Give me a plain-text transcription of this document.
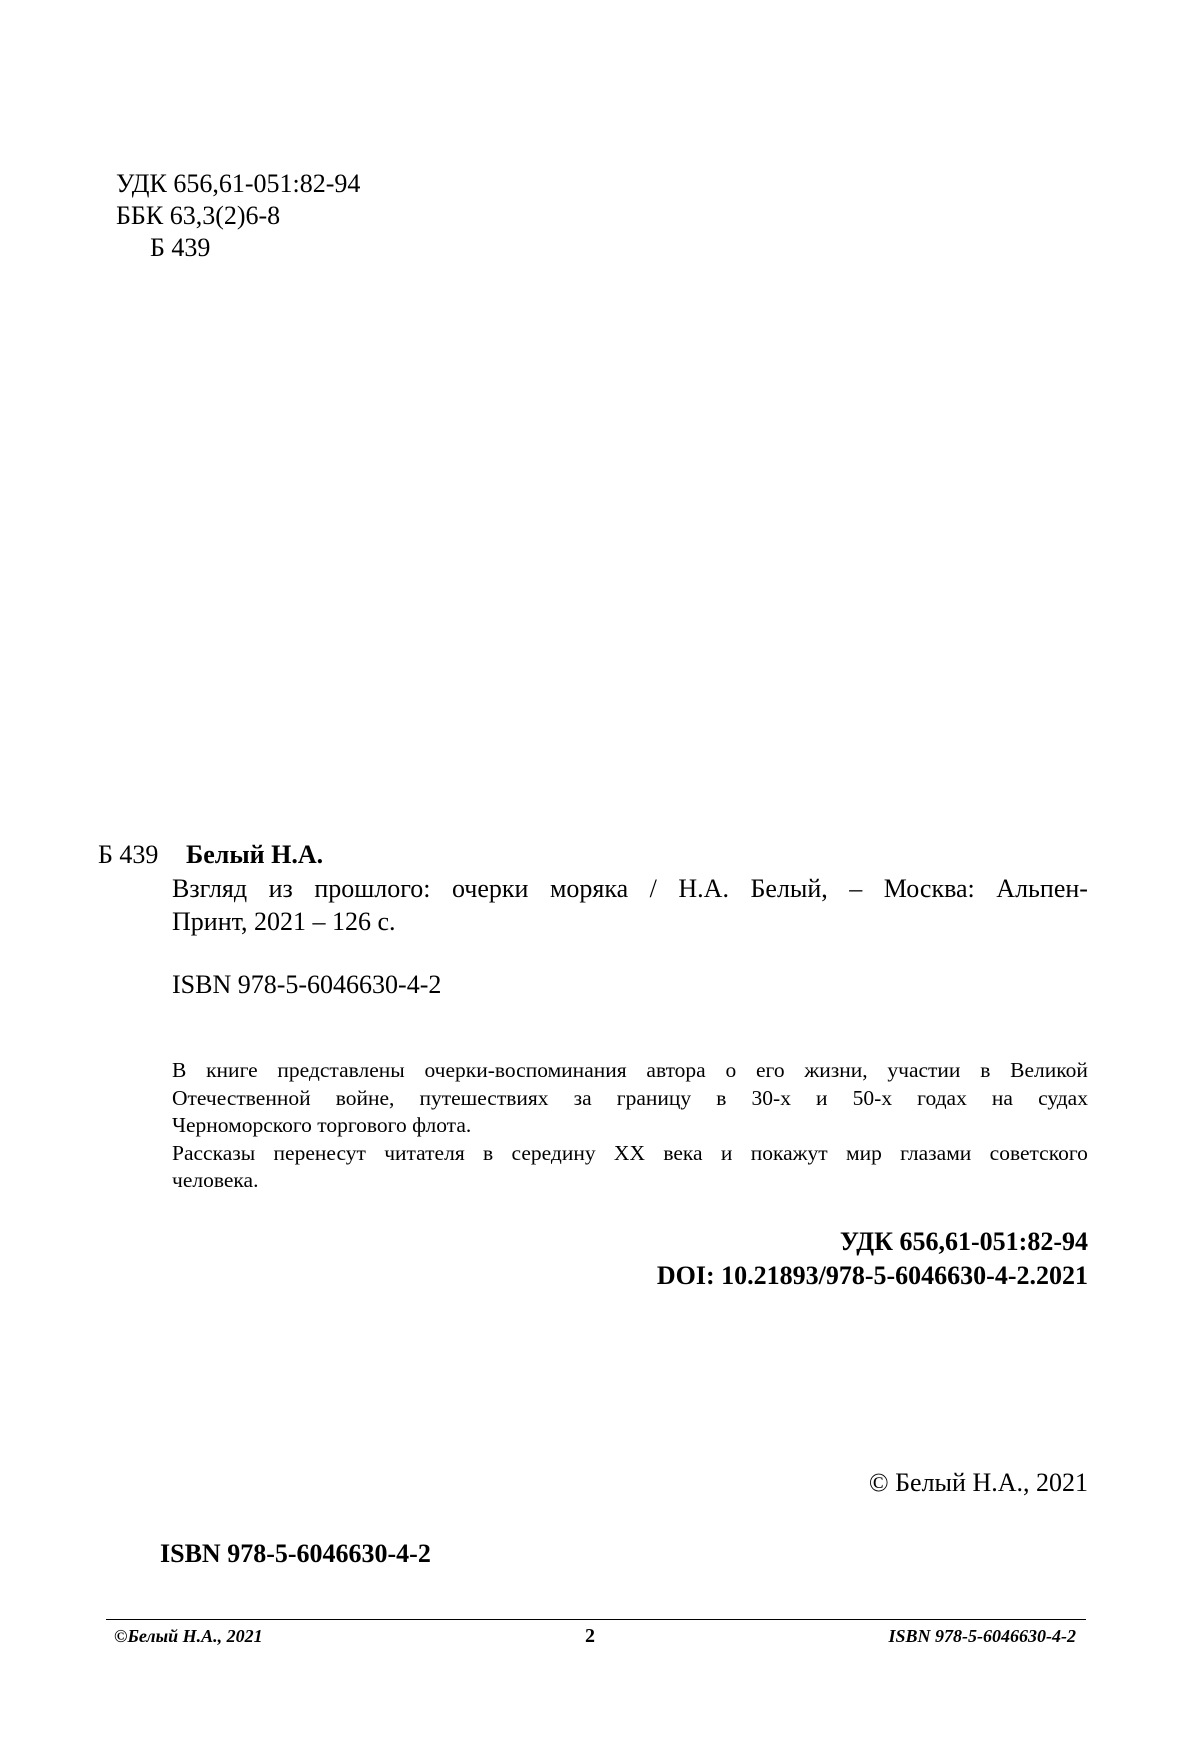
УДК 656,61-051:82-94
ББК 63,3(2)6-8
Б 439
Б 439 Белый Н.А.
Взгляд из прошлого: очерки моряка / Н.А. Белый, – Москва: Альпен-
Принт, 2021 – 126 с.
ISBN 978-5-6046630-4-2
В книге представлены очерки-воспоминания автора о его жизни, участии в Великой
Отечественной войне, путешествиях за границу в 30-х и 50-х годах на судах
Черноморского торгового флота.
Рассказы перенесут читателя в середину XX века и покажут мир глазами советского
человека.
УДК 656,61-051:82-94
DOI: 10.21893/978-5-6046630-4-2.2021
© Белый Н.А., 2021
ISBN 978-5-6046630-4-2
©Белый Н.А., 2021	2	ISBN 978-5-6046630-4-2
